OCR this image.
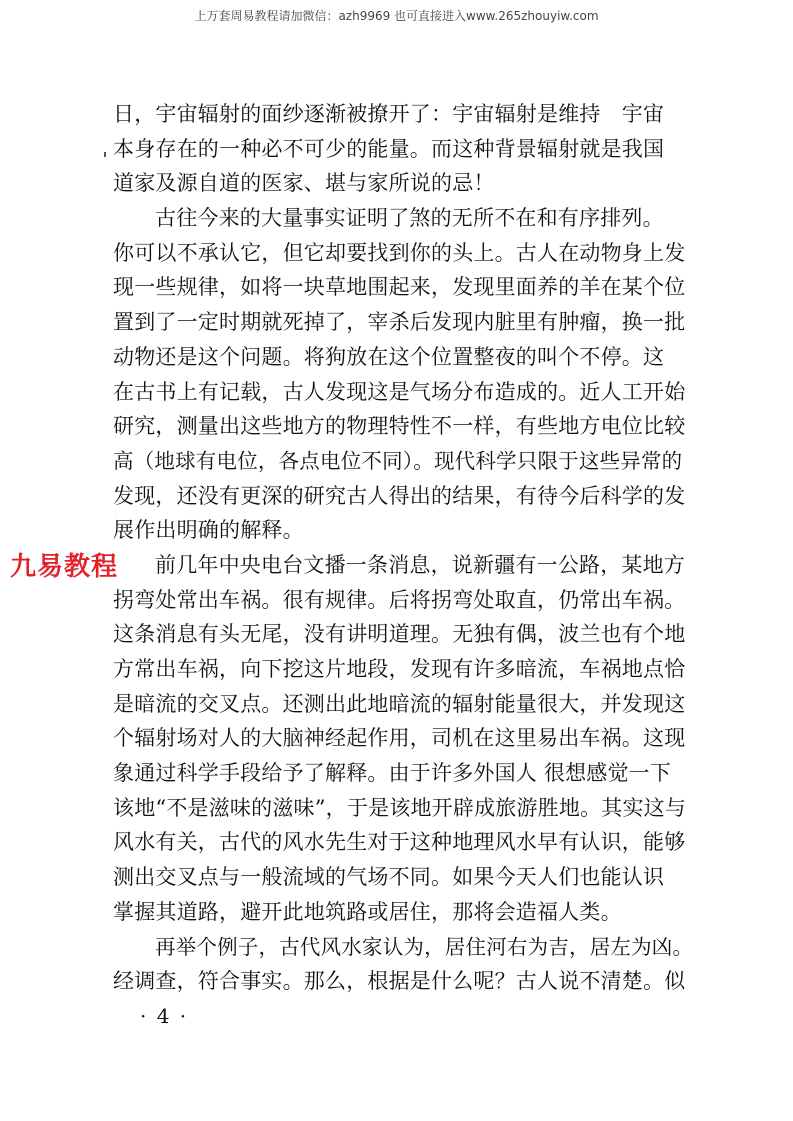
上万套周易教程请加微信：azh9969 也可直接进入www.265zhouyiw.com
日，宇宙辐射的面纱逐渐被撩开了：宇宙辐射是维持　宇宙
本身存在的一种必不可少的能量。而这种背景辐射就是我国
道家及源自道的医家、堪与家所说的忌！
古往今来的大量事实证明了煞的无所不在和有序排列。
你可以不承认它，但它却要找到你的头上。古人在动物身上发
现一些规律，如将一块草地围起来，发现里面养的羊在某个位
置到了一定时期就死掉了，宰杀后发现内脏里有肿瘤，换一批
动物还是这个问题。将狗放在这个位置整夜的叫个不停。这
在古书上有记载，古人发现这是气场分布造成的。近人工开始
研究，测量出这些地方的物理特性不一样，有些地方电位比较
高（地球有电位，各点电位不同）。现代科学只限于这些异常的
发现，还没有更深的研究古人得出的结果，有待今后科学的发
展作出明确的解释。
前几年中央电台文播一条消息，说新疆有一公路，某地方
拐弯处常出车祸。很有规律。后将拐弯处取直，仍常出车祸。
这条消息有头无尾，没有讲明道理。无独有偶，波兰也有个地
方常出车祸，向下挖这片地段，发现有许多暗流，车祸地点恰
是暗流的交叉点。还测出此地暗流的辐射能量很大，并发现这
个辐射场对人的大脑神经起作用，司机在这里易出车祸。这现
象通过科学手段给予了解释。由于许多外国人 很想感觉一下
该地“不是滋味的滋味”，于是该地开辟成旅游胜地。其实这与
风水有关，古代的风水先生对于这种地理风水早有认识，能够
测出交叉点与一般流域的气场不同。如果今天人们也能认识
掌握其道路，避开此地筑路或居住，那将会造福人类。
再举个例子，古代风水家认为，居住河右为吉，居左为凶。
经调查，符合事实。那么，根据是什么呢？古人说不清楚。似
九易教程
· 4 ·
